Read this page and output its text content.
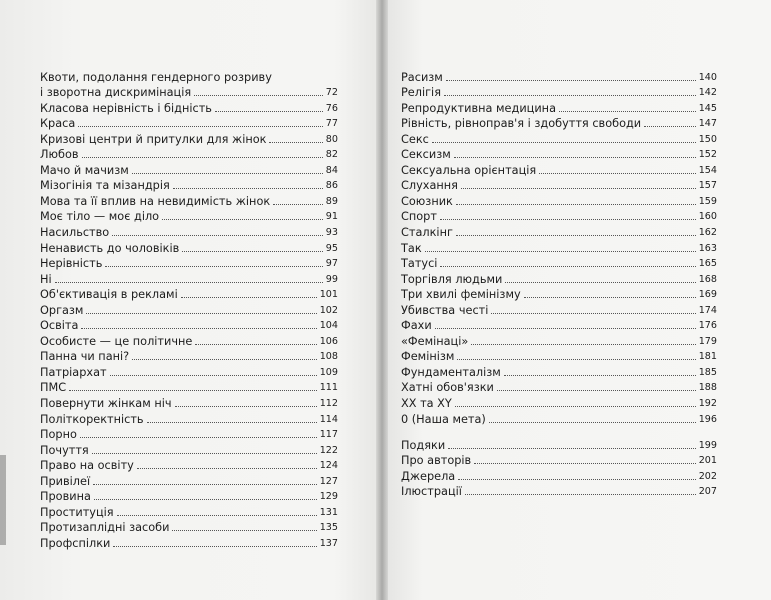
Квоти, подолання гендерного розриву
і зворотна дискримінація	72
Класова нерівність і бідність	76
Краса	77
Кризові центри й притулки для жінок	80
Любов	82
Мачо й мачизм	84
Мізогінія та мізандрія	86
Мова та її вплив на невидимість жінок	89
Моє тіло — моє діло	91
Насильство	93
Ненависть до чоловіків	95
Нерівність	97
Ні	99
Об'єктивація в рекламі	101
Оргазм	102
Освіта	104
Особисте — це політичне	106
Панна чи пані?	108
Патріархат	109
ПМС	111
Повернути жінкам ніч	112
Політкоректність	114
Порно	117
Почуття	122
Право на освіту	124
Привілеї	127
Провина	129
Проституція	131
Протизаплідні засоби	135
Профспілки	137
Расизм	140
Релігія	142
Репродуктивна медицина	145
Рівність, рівноправ'я і здобуття свободи	147
Секс	150
Сексизм	152
Сексуальна орієнтація	154
Слухання	157
Союзник	159
Спорт	160
Сталкінг	162
Так	163
Татусі	165
Торгівля людьми	168
Три хвилі фемінізму	169
Убивства честі	174
Фахи	176
«Фемінаці»	179
Фемінізм	181
Фундаменталізм	185
Хатні обов'язки	188
XX та XY	192
0 (Наша мета)	196
Подяки	199
Про авторів	201
Джерела	202
Ілюстрації	207
